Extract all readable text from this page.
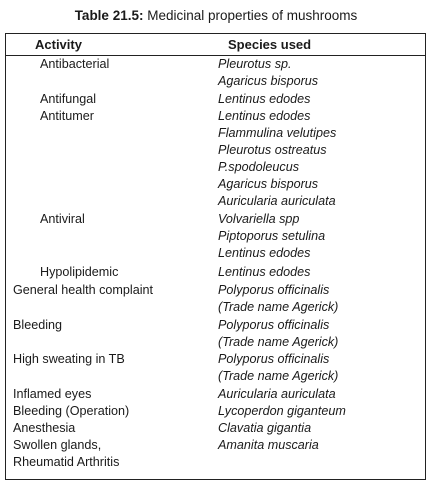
Table 21.5: Medicinal properties of mushrooms
Activity	Species used
Antibacterial
Antifungal
Antitumer
Antiviral
Hypolipidemic
General health complaint
Bleeding
High sweating in TB
Inflamed eyes
Bleeding (Operation)
Anesthesia
Swollen glands,
Rheumatid Arthritis
Pleurotus sp.
Agaricus bisporus
Lentinus edodes
Lentinus edodes
Flammulina velutipes
Pleurotus ostreatus
P.spodoleucus
Agaricus bisporus
Auricularia auriculata
Volvariella spp
Piptoporus setulina
Lentinus edodes
Lentinus edodes
Polyporus officinalis
(Trade name Agerick)
Polyporus officinalis
(Trade name Agerick)
Polyporus officinalis
(Trade name Agerick)
Auricularia auriculata
Lycoperdon giganteum
Clavatia gigantia
Amanita muscaria
